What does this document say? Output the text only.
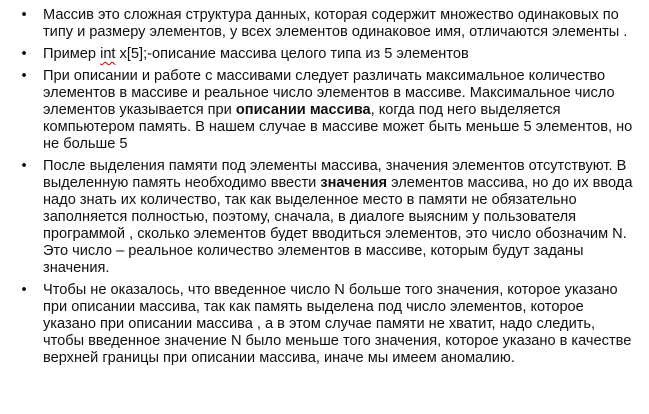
• Массив это сложная структура данных, которая содержит множество одинаковых по типу и размеру элементов, у всех элементов одинаковое имя, отличаются элементы .
• Пример int x[5];-описание массива целого типа из 5 элементов
• При описании и работе с массивами следует различать максимальное количество элементов в массиве и реальное число элементов в массиве. Максимальное число элементов указывается при описании массива, когда под него выделяется компьютером память. В нашем случае в массиве может быть меньше 5 элементов, но не больше 5
• После выделения памяти под элементы массива, значения элементов отсутствуют. В выделенную память необходимо ввести значения элементов массива, но до их ввода надо знать их количество, так как выделенное место в памяти не обязательно заполняется полностью, поэтому, сначала, в диалоге выясним у пользователя программой , сколько элементов будет вводиться элементов, это число обозначим N. Это число – реальное количество элементов в массиве, которым будут заданы значения.
• Чтобы не оказалось, что введенное число N больше того значения, которое указано при описании массива, так как память выделена под число элементов, которое указано при описании массива , а в этом случае памяти не хватит, надо следить, чтобы введенное значение N было меньше того значения, которое указано в качестве верхней границы при описании массива, иначе мы имеем аномалию.
